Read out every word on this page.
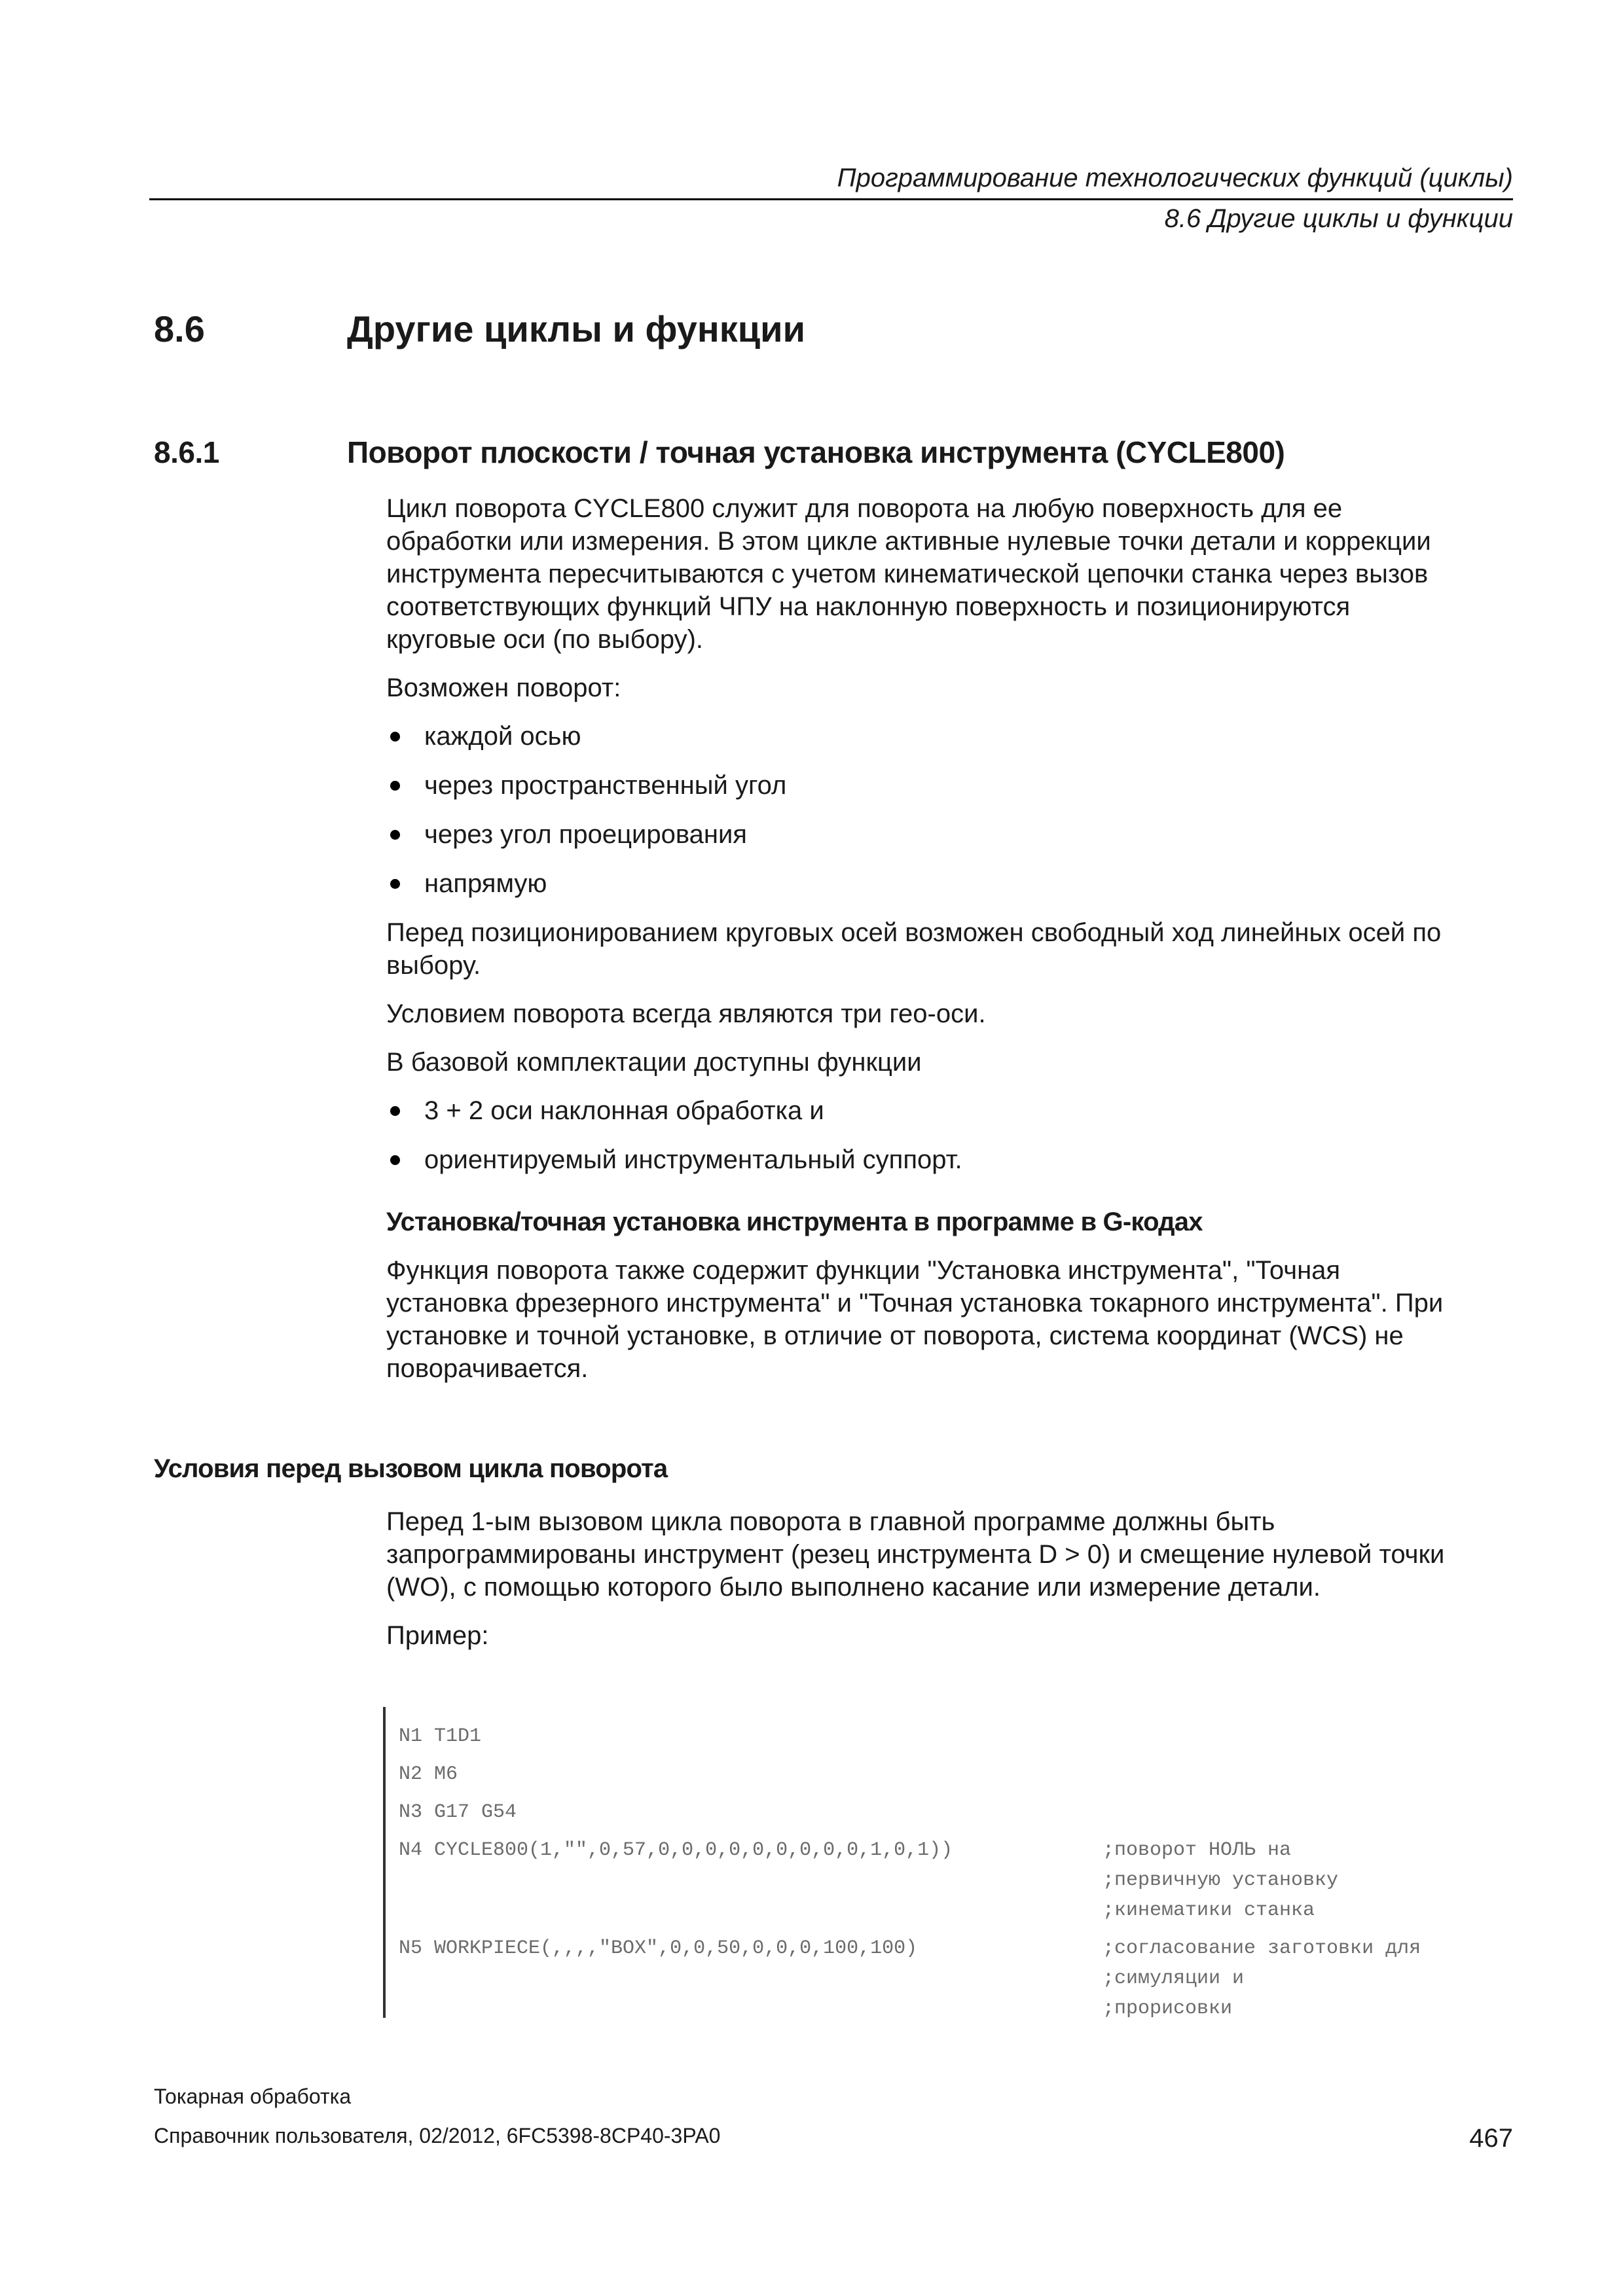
Программирование технологических функций (циклы)
8.6 Другие циклы и функции
8.6	Другие циклы и функции
8.6.1	Поворот плоскости / точная установка инструмента (CYCLE800)

Цикл поворота CYCLE800 служит для поворота на любую поверхность для ее
обработки или измерения. В этом цикле активные нулевые точки детали и коррекции
инструмента пересчитываются с учетом кинематической цепочки станка через вызов
соответствующих функций ЧПУ на наклонную поверхность и позиционируются
круговые оси (по выбору).

Возможен поворот:

каждой осью
через пространственный угол
через угол проецирования
напрямую

Перед позиционированием круговых осей возможен свободный ход линейных осей по
выбору.

Условием поворота всегда являются три гео-оси.

В базовой комплектации доступны функции

3 + 2 оси наклонная обработка и
ориентируемый инструментальный суппорт.
Установка/точная установка инструмента в программе в G-кодах

Функция поворота также содержит функции "Установка инструмента", "Точная
установка фрезерного инструмента" и "Точная установка токарного инструмента". При
установке и точной установке, в отличие от поворота, система координат (WCS) не
поворачивается.

Условия перед вызовом цикла поворота

Перед 1-ым вызовом цикла поворота в главной программе должны быть
запрограммированы инструмент (резец инструмента D > 0) и смещение нулевой точки
(WO), с помощью которого было выполнено касание или измерение детали.

Пример:

N1 T1D1
N2 M6
N3 G17 G54
N4 CYCLE800(1,"",0,57,0,0,0,0,0,0,0,0,0,1,0,1))	;поворот НОЛЬ на
;первичную установку
;кинематики станка
N5 WORKPIECE(,,,,"BOX",0,0,50,0,0,0,100,100)	;согласование заготовки для
;симуляции и
;прорисовки
Токарная обработка
Справочник пользователя, 02/2012, 6FC5398-8CP40-3PA0	467
